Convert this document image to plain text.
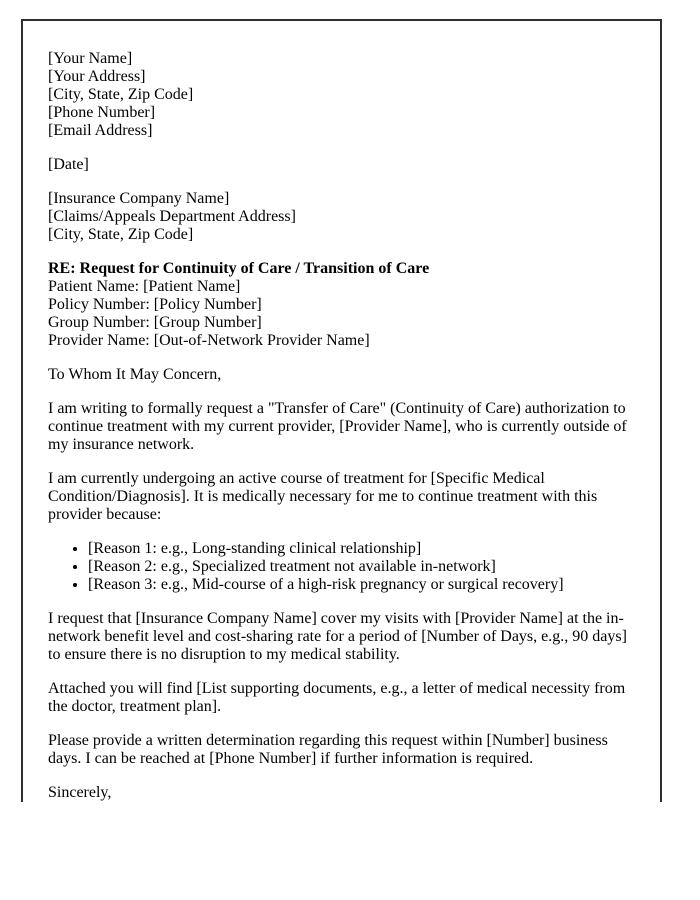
[Your Name]
[Your Address]
[City, State, Zip Code]
[Phone Number]
[Email Address]

[Date]

[Insurance Company Name]
[Claims/Appeals Department Address]
[City, State, Zip Code]

RE: Request for Continuity of Care / Transition of Care
Patient Name: [Patient Name]
Policy Number: [Policy Number]
Group Number: [Group Number]
Provider Name: [Out-of-Network Provider Name]

To Whom It May Concern,

I am writing to formally request a "Transfer of Care" (Continuity of Care) authorization to continue treatment with my current provider, [Provider Name], who is currently outside of my insurance network.

I am currently undergoing an active course of treatment for [Specific Medical Condition/Diagnosis]. It is medically necessary for me to continue treatment with this provider because:

• [Reason 1: e.g., Long-standing clinical relationship]
• [Reason 2: e.g., Specialized treatment not available in-network]
• [Reason 3: e.g., Mid-course of a high-risk pregnancy or surgical recovery]

I request that [Insurance Company Name] cover my visits with [Provider Name] at the in-network benefit level and cost-sharing rate for a period of [Number of Days, e.g., 90 days] to ensure there is no disruption to my medical stability.

Attached you will find [List supporting documents, e.g., a letter of medical necessity from the doctor, treatment plan].

Please provide a written determination regarding this request within [Number] business days. I can be reached at [Phone Number] if further information is required.

Sincerely,
